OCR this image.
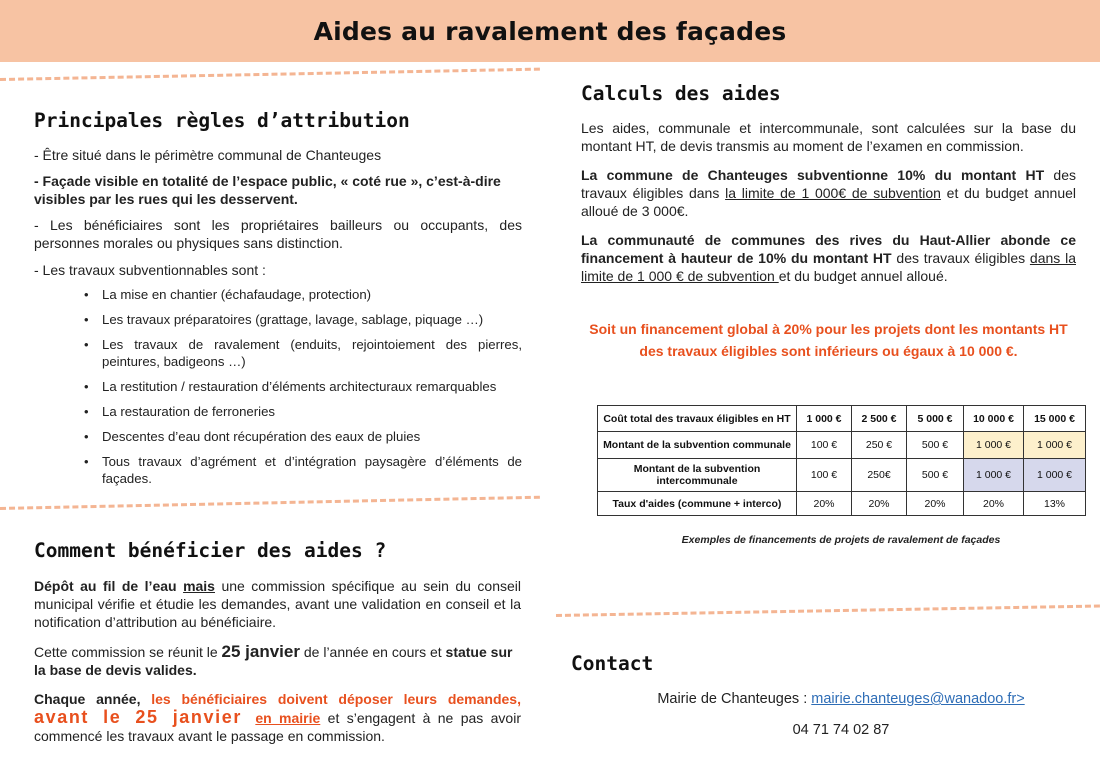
Aides au ravalement des façades
Principales règles d’attribution
- Être situé dans le périmètre communal de Chanteuges
- Façade visible en totalité de l’espace public, « coté rue », c’est-à-dire visibles par les rues qui les desservent.
- Les bénéficiaires sont les propriétaires bailleurs ou occupants, des personnes morales ou physiques sans distinction.
- Les travaux subventionnables sont :
• La mise en chantier (échafaudage, protection)
• Les travaux préparatoires (grattage, lavage, sablage, piquage …)
• Les travaux de ravalement (enduits, rejointoiement des pierres, peintures, badigeons …)
• La restitution / restauration d’éléments architecturaux remarquables
• La restauration de ferroneries
• Descentes d’eau dont récupération des eaux de pluies
• Tous travaux d’agrément et d’intégration paysagère d’éléments de façades.
Calculs des aides
Les aides, communale et intercommunale, sont calculées sur la base du montant HT, de devis transmis au moment de l’examen en commission.
La commune de Chanteuges subventionne 10% du montant HT des travaux éligibles dans la limite de 1 000€ de subvention et du budget annuel alloué de 3 000€.
La communauté de communes des rives du Haut-Allier abonde ce financement à hauteur de 10% du montant HT des travaux éligibles dans la limite de 1 000 € de subvention et du budget annuel alloué.
Soit un financement global à 20% pour les projets dont les montants HT des travaux éligibles sont inférieurs ou égaux à 10 000 €.
Coût total des travaux éligibles en HT	1 000 €	2 500 €	5 000 €	10 000 €	15 000 €
Montant de la subvention communale	100 €	250 €	500 €	1 000 €	1 000 €
Montant de la subvention intercommunale	100 €	250€	500 €	1 000 €	1 000 €
Taux d'aides (commune + interco)	20%	20%	20%	20%	13%
Exemples de financements de projets de ravalement de façades
Comment bénéficier des aides ?
Dépôt au fil de l’eau mais une commission spécifique au sein du conseil municipal vérifie et étudie les demandes, avant une validation en conseil et la notification d’attribution au bénéficiaire.
Cette commission se réunit le 25 janvier de l’année en cours et statue sur la base de devis valides.
Chaque année, les bénéficiaires doivent déposer leurs demandes, avant le 25 janvier en mairie et s’engagent à ne pas avoir commencé les travaux avant le passage en commission.
Contact
Mairie de Chanteuges : mairie.chanteuges@wanadoo.fr>
04 71 74 02 87
